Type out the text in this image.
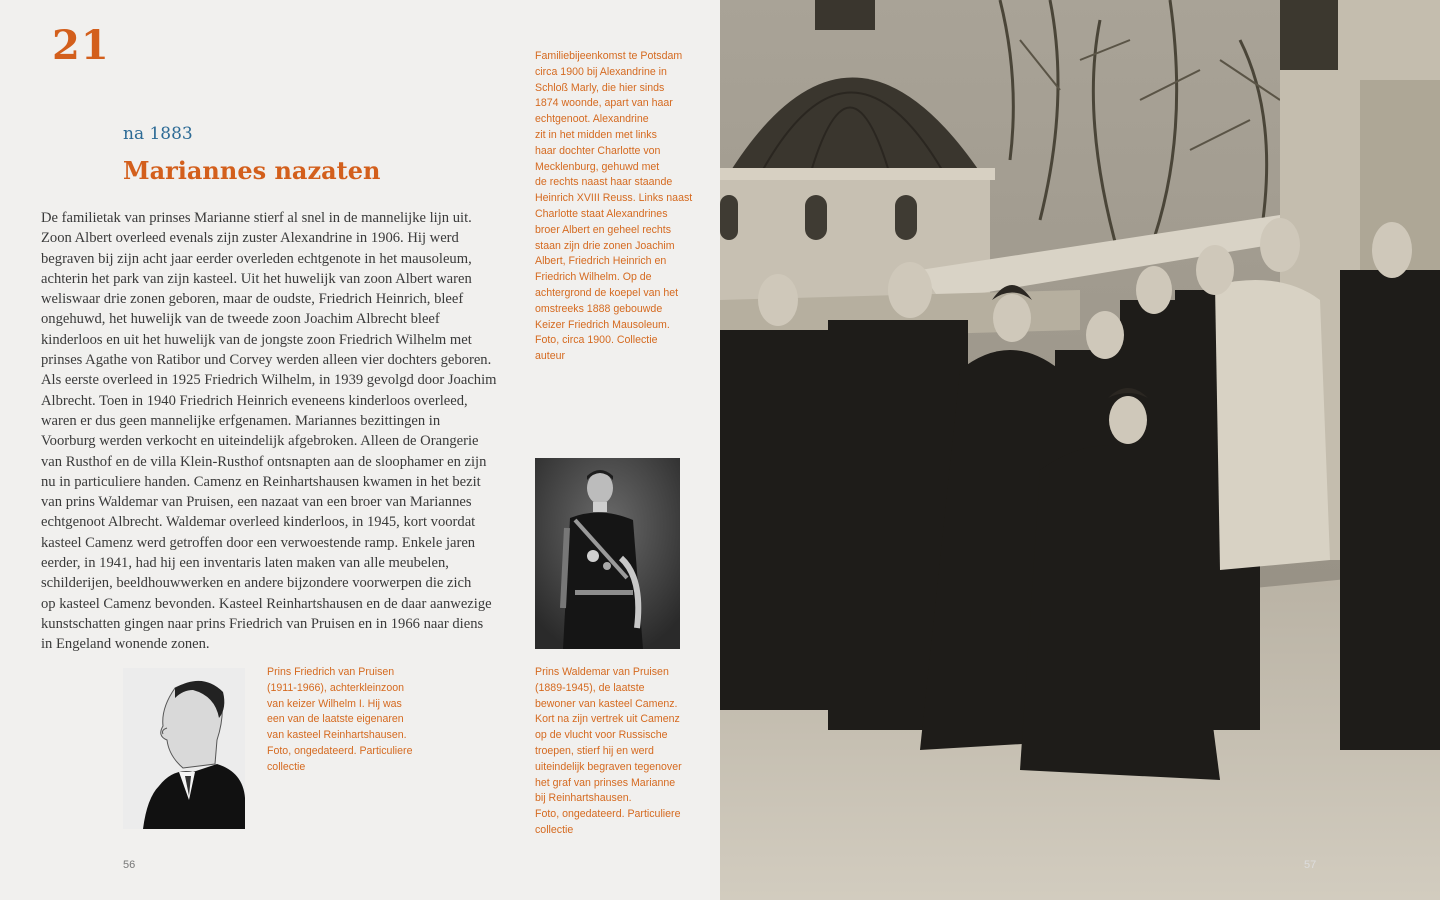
21
na 1883
Mariannes nazaten
De familietak van prinses Marianne stierf al snel in de mannelijke lijn uit.
Zoon Albert overleed evenals zijn zuster Alexandrine in 1906. Hij werd
begraven bij zijn acht jaar eerder overleden echtgenote in het mausoleum,
achterin het park van zijn kasteel. Uit het huwelijk van zoon Albert waren
weliswaar drie zonen geboren, maar de oudste, Friedrich Heinrich, bleef
ongehuwd, het huwelijk van de tweede zoon Joachim Albrecht bleef
kinderloos en uit het huwelijk van de jongste zoon Friedrich Wilhelm met
prinses Agathe von Ratibor und Corvey werden alleen vier dochters geboren.
Als eerste overleed in 1925 Friedrich Wilhelm, in 1939 gevolgd door Joachim
Albrecht. Toen in 1940 Friedrich Heinrich eveneens kinderloos overleed,
waren er dus geen mannelijke erfgenamen. Mariannes bezittingen in
Voorburg werden verkocht en uiteindelijk afgebroken. Alleen de Orangerie
van Rusthof en de villa Klein-Rusthof ontsnapten aan de sloophamer en zijn
nu in particuliere handen. Camenz en Reinhartshausen kwamen in het bezit
van prins Waldemar van Pruisen, een nazaat van een broer van Mariannes
echtgenoot Albrecht. Waldemar overleed kinderloos, in 1945, kort voordat
kasteel Camenz werd getroffen door een verwoestende ramp. Enkele jaren
eerder, in 1941, had hij een inventaris laten maken van alle meubelen,
schilderijen, beeldhouwwerken en andere bijzondere voorwerpen die zich
op kasteel Camenz bevonden. Kasteel Reinhartshausen en de daar aanwezige
kunstschatten gingen naar prins Friedrich van Pruisen en in 1966 naar diens
in Engeland wonende zonen.
Familiebijeenkomst te Potsdam
circa 1900 bij Alexandrine in
Schloß Marly, die hier sinds
1874 woonde, apart van haar
echtgenoot. Alexandrine
zit in het midden met links
haar dochter Charlotte von
Mecklenburg, gehuwd met
de rechts naast haar staande
Heinrich XVIII Reuss. Links naast
Charlotte staat Alexandrines
broer Albert en geheel rechts
staan zijn drie zonen Joachim
Albert, Friedrich Heinrich en
Friedrich Wilhelm. Op de
achtergrond de koepel van het
omstreeks 1888 gebouwde
Keizer Friedrich Mausoleum.
Foto, circa 1900. Collectie
auteur
Prins Friedrich van Pruisen
(1911-1966), achterkleinzoon
van keizer Wilhelm I. Hij was
een van de laatste eigenaren
van kasteel Reinhartshausen.
Foto, ongedateerd. Particuliere
collectie
Prins Waldemar van Pruisen
(1889-1945), de laatste
bewoner van kasteel Camenz.
Kort na zijn vertrek uit Camenz
op de vlucht voor Russische
troepen, stierf hij en werd
uiteindelijk begraven tegenover
het graf van prinses Marianne
bij Reinhartshausen.
Foto, ongedateerd. Particuliere
collectie
56	57
